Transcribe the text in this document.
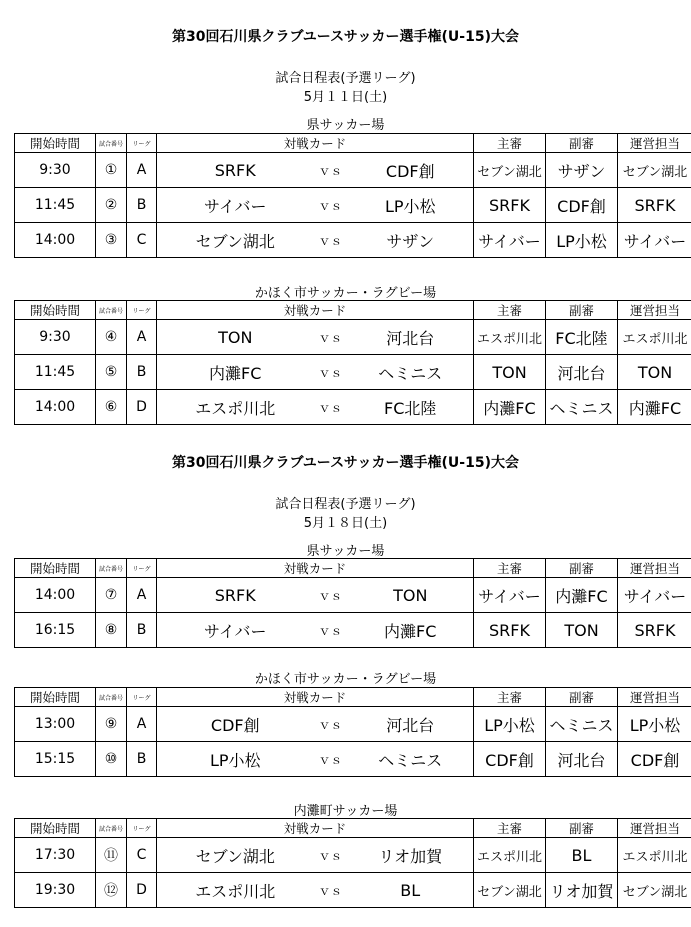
第30回石川県クラブユースサッカー選手権(U-15)大会
試合日程表(予選リーグ)
5月１１日(土)
県サッカー場
開始時間	試合番号	リーグ	対戦カード			主審	副審	運営担当
9:30	①	A	SRFK	ｖｓ	CDF創	セブン湖北	サザン	セブン湖北
11:45	②	B	サイバー	ｖｓ	LP小松	SRFK	CDF創	SRFK
14:00	③	C	セブン湖北	ｖｓ	サザン	サイバー	LP小松	サイバー
かほく市サッカー・ラグビー場
開始時間	試合番号	リーグ	対戦カード			主審	副審	運営担当
9:30	④	A	TON	ｖｓ	河北台	エスポ川北	FC北陸	エスポ川北
11:45	⑤	B	内灘FC	ｖｓ	ヘミニス	TON	河北台	TON
14:00	⑥	D	エスポ川北	ｖｓ	FC北陸	内灘FC	ヘミニス	内灘FC
第30回石川県クラブユースサッカー選手権(U-15)大会
試合日程表(予選リーグ)
5月１８日(土)
県サッカー場
開始時間	試合番号	リーグ	対戦カード			主審	副審	運営担当
14:00	⑦	A	SRFK	ｖｓ	TON	サイバー	内灘FC	サイバー
16:15	⑧	B	サイバー	ｖｓ	内灘FC	SRFK	TON	SRFK
かほく市サッカー・ラグビー場
開始時間	試合番号	リーグ	対戦カード			主審	副審	運営担当
13:00	⑨	A	CDF創	ｖｓ	河北台	LP小松	ヘミニス	LP小松
15:15	⑩	B	LP小松	ｖｓ	ヘミニス	CDF創	河北台	CDF創
内灘町サッカー場
開始時間	試合番号	リーグ	対戦カード			主審	副審	運営担当
17:30	⑪	C	セブン湖北	ｖｓ	リオ加賀	エスポ川北	BL	エスポ川北
19:30	⑫	D	エスポ川北	ｖｓ	BL	セブン湖北	リオ加賀	セブン湖北
